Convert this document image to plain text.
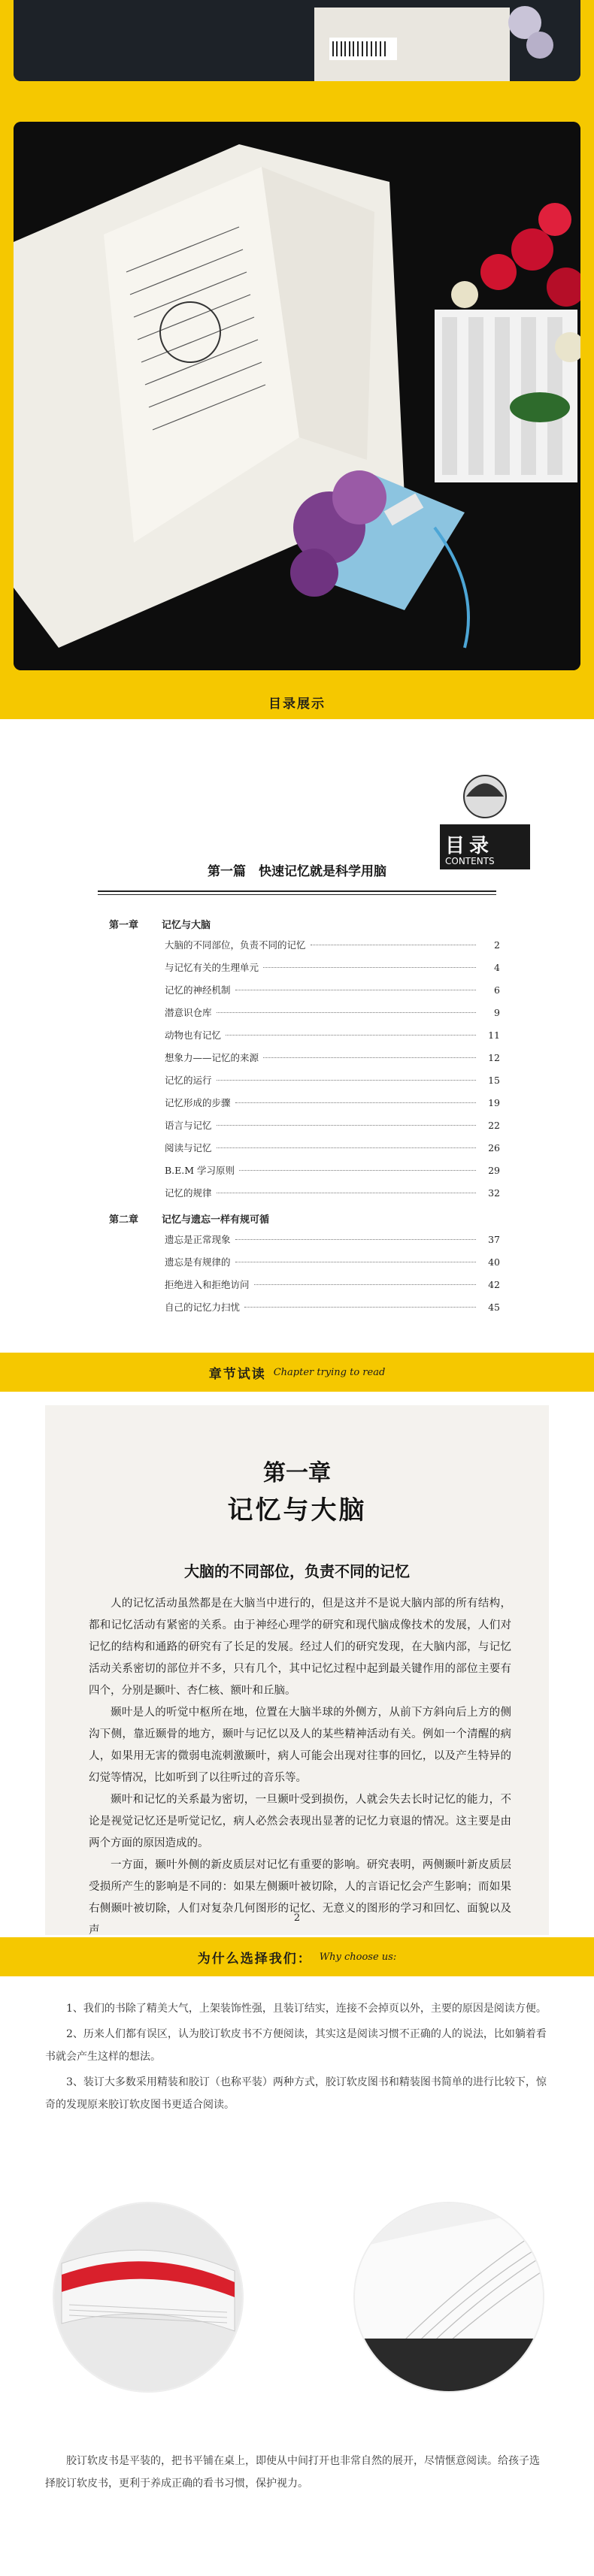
目录展示
目录
CONTENTS
第一篇　快速记忆就是科学用脑
第一章	记忆与大脑
大脑的不同部位，负责不同的记忆	2
与记忆有关的生理单元	4
记忆的神经机制	6
潜意识仓库	9
动物也有记忆	11
想象力——记忆的来源	12
记忆的运行	15
记忆形成的步骤	19
语言与记忆	22
阅读与记忆	26
B.E.M 学习原则	29
记忆的规律	32
第二章	记忆与遗忘一样有规可循
遗忘是正常现象	37
遗忘是有规律的	40
拒绝进入和拒绝访问	42
自己的记忆力扫忧	45
章节试读 Chapter trying to read
第一章
记忆与大脑
大脑的不同部位，负责不同的记忆

人的记忆活动虽然都是在大脑当中进行的，但是这并不是说大脑内部的所有结构，都和记忆活动有紧密的关系。由于神经心理学的研究和现代脑成像技术的发展，人们对记忆的结构和通路的研究有了长足的发展。经过人们的研究发现，在大脑内部，与记忆活动关系密切的部位并不多，只有几个，其中记忆过程中起到最关键作用的部位主要有四个，分别是颞叶、杏仁核、额叶和丘脑。

颞叶是人的听觉中枢所在地，位置在大脑半球的外侧方，从前下方斜向后上方的侧沟下侧，靠近颞骨的地方，颞叶与记忆以及人的某些精神活动有关。例如一个清醒的病人，如果用无害的微弱电流刺激颞叶，病人可能会出现对往事的回忆，以及产生特异的幻觉等情况，比如听到了以往听过的音乐等。

颞叶和记忆的关系最为密切，一旦颞叶受到损伤，人就会失去长时记忆的能力，不论是视觉记忆还是听觉记忆，病人必然会表现出显著的记忆力衰退的情况。这主要是由两个方面的原因造成的。

一方面，颞叶外侧的新皮质层对记忆有重要的影响。研究表明，两侧颞叶新皮质层受损所产生的影响是不同的：如果左侧颞叶被切除，人的言语记忆会产生影响；而如果右侧颞叶被切除，人们对复杂几何图形的记忆、无意义的图形的学习和回忆、面貌以及声

2
为什么选择我们： Why choose us:

1、我们的书除了精美大气，上架装饰性强，且装订结实，连接不会掉页以外，主要的原因是阅读方便。

2、历来人们都有误区，认为胶订软皮书不方便阅读，其实这是阅读习惯不正确的人的说法，比如躺着看书就会产生这样的想法。

3、装订大多数采用精装和胶订（也称平装）两种方式，胶订软皮图书和精装图书简单的进行比较下，惊奇的发现原来胶订软皮图书更适合阅读。

胶订软皮书是平装的，把书平铺在桌上，即使从中间打开也非常自然的展开，尽情惬意阅读。给孩子选择胶订软皮书，更利于养成正确的看书习惯，保护视力。
